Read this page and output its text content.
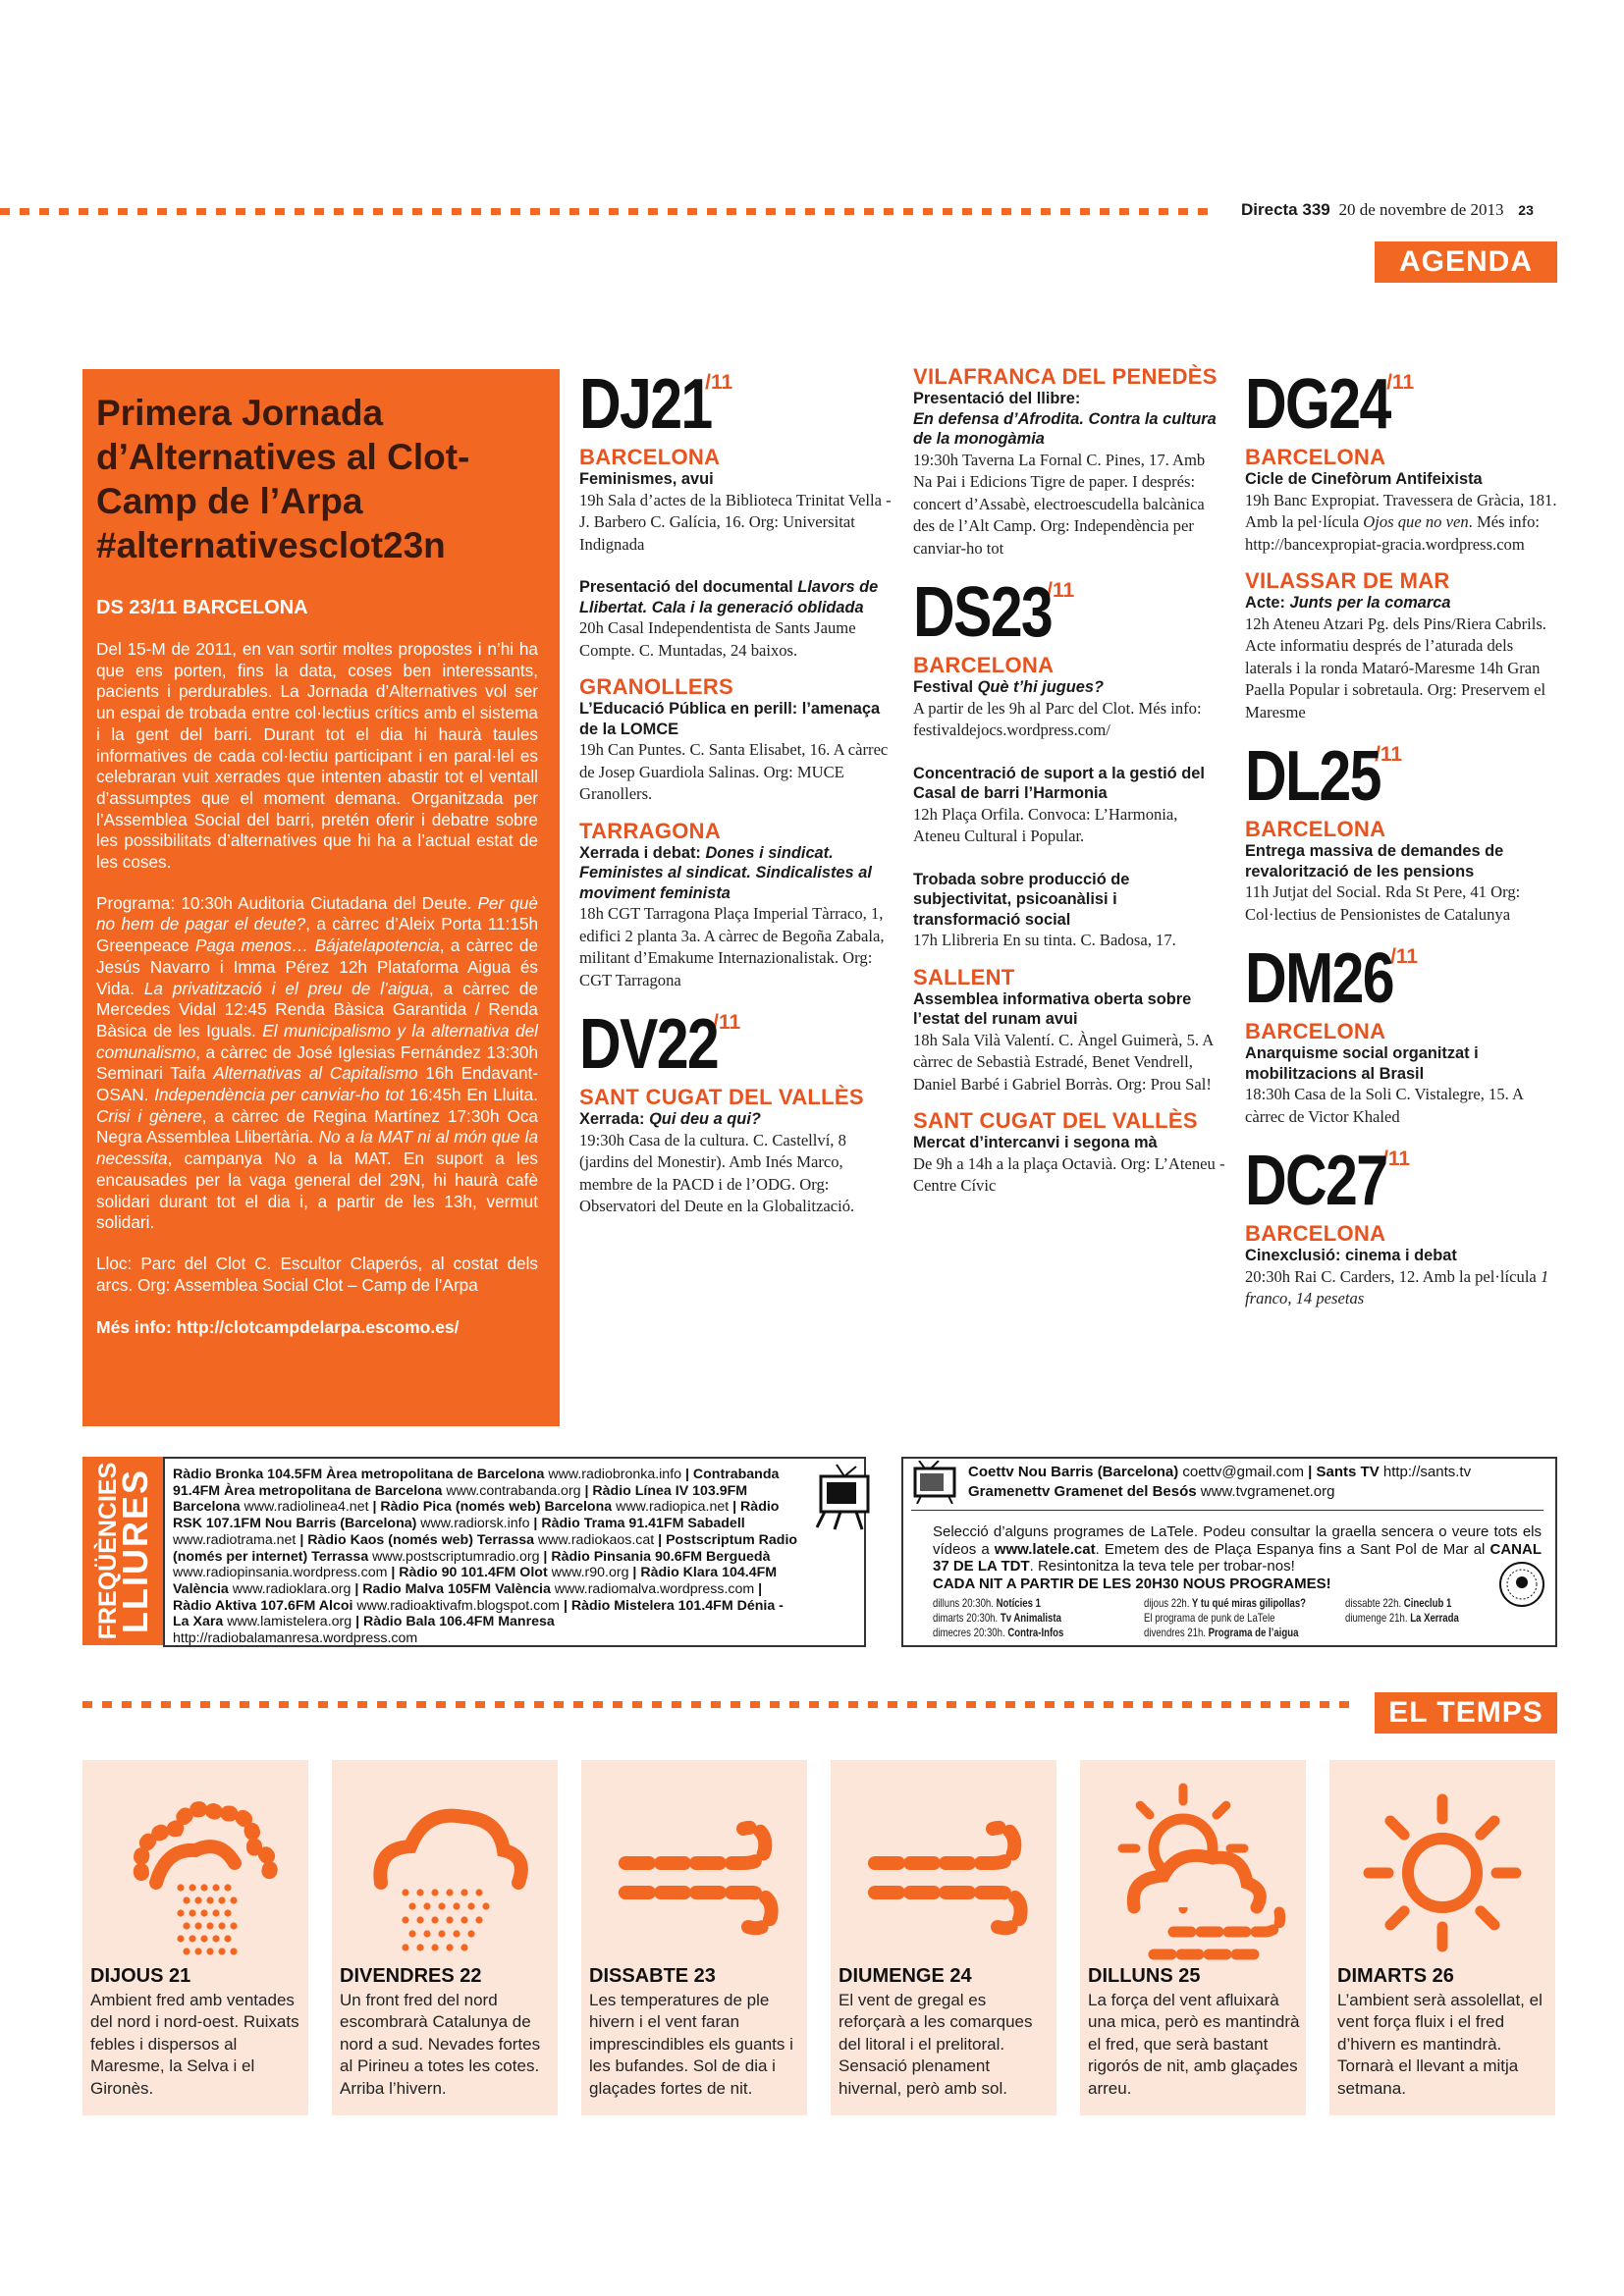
Directa 339 20 de novembre de 2013 23
AGENDA
Primera Jornada d’Alternatives al Clot-Camp de l’Arpa #alternativesclot23n
DS 23/11 BARCELONA

Del 15-M de 2011, en van sortir moltes propostes i n’hi ha que ens porten, fins la data, coses ben interessants, pacients i perdurables. La Jornada d’Alternatives vol ser un espai de trobada entre col·lectius crítics amb el sistema i la gent del barri. Durant tot el dia hi haurà taules informatives de cada col·lectiu participant i en paral·lel es celebraran vuit xerrades que intenten abastir tot el ventall d’assumptes que el moment demana. Organitzada per l’Assemblea Social del barri, pretén oferir i debatre sobre les possibilitats d’alternatives que hi ha a l’actual estat de les coses.

Programa: 10:30h Auditoria Ciutadana del Deute. Per què no hem de pagar el deute?, a càrrec d’Aleix Porta 11:15h Greenpeace Paga menos… Bájatelapotencia, a càrrec de Jesús Navarro i Imma Pérez 12h Plataforma Aigua és Vida. La privatització i el preu de l’aigua, a càrrec de Mercedes Vidal 12:45 Renda Bàsica Garantida / Renda Bàsica de les Iguals. El municipalismo y la alternativa del comunalismo, a càrrec de José Iglesias Fernández 13:30h Seminari Taifa Alternativas al Capitalismo 16h Endavant-OSAN. Independència per canviar-ho tot 16:45h En Lluita. Crisi i gènere, a càrrec de Regina Martínez 17:30h Oca Negra Assemblea Llibertària. No a la MAT ni al món que la necessita, campanya No a la MAT. En suport a les encausades per la vaga general del 29N, hi haurà cafè solidari durant tot el dia i, a partir de les 13h, vermut solidari.

Lloc: Parc del Clot C. Escultor Claperós, al costat dels arcs. Org: Assemblea Social Clot – Camp de l’Arpa

Més info: http://clotcampdelarpa.escomo.es/
DJ21
/11
BARCELONA
Feminismes, avui
19h Sala d’actes de la Biblioteca Trinitat Vella - J. Barbero C. Galícia, 16. Org: Universitat Indignada
Presentació del documental Llavors de Llibertat. Cala i la generació oblidada
20h Casal Independentista de Sants Jaume Compte. C. Muntadas, 24 baixos.
GRANOLLERS
L’Educació Pública en perill: l’amenaça de la LOMCE
19h Can Puntes. C. Santa Elisabet, 16. A càrrec de Josep Guardiola Salinas. Org: MUCE Granollers.
TARRAGONA
Xerrada i debat: Dones i sindicat. Feministes al sindicat. Sindicalistes al moviment feminista
18h CGT Tarragona Plaça Imperial Tàrraco, 1, edifici 2 planta 3a. A càrrec de Begoña Zabala, militant d’Emakume Internazionalistak. Org: CGT Tarragona
DV22
/11
SANT CUGAT DEL VALLÈS
Xerrada: Qui deu a qui?
19:30h Casa de la cultura. C. Castellví, 8 (jardins del Monestir). Amb Inés Marco, membre de la PACD i de l’ODG. Org: Observatori del Deute en la Globalització.
VILAFRANCA DEL PENEDÈS
Presentació del llibre:
En defensa d’Afrodita. Contra la cultura de la monogàmia
19:30h Taverna La Fornal C. Pines, 17. Amb Na Pai i Edicions Tigre de paper. I després: concert d’Assabè, electroescudella balcànica des de l’Alt Camp. Org: Independència per canviar-ho tot
DS23
/11
BARCELONA
Festival Què t’hi jugues?
A partir de les 9h al Parc del Clot. Més info: festivaldejocs.wordpress.com/
Concentració de suport a la gestió del Casal de barri l’Harmonia
12h Plaça Orfila. Convoca: L’Harmonia, Ateneu Cultural i Popular.
Trobada sobre producció de subjectivitat, psicoanàlisi i transformació social
17h Llibreria En su tinta. C. Badosa, 17.
SALLENT
Assemblea informativa oberta sobre l’estat del runam avui
18h Sala Vilà Valentí. C. Àngel Guimerà, 5. A càrrec de Sebastià Estradé, Benet Vendrell, Daniel Barbé i Gabriel Borràs. Org: Prou Sal!
SANT CUGAT DEL VALLÈS
Mercat d’intercanvi i segona mà
De 9h a 14h a la plaça Octavià. Org: L’Ateneu - Centre Cívic
DG24
/11
BARCELONA
Cicle de Cinefòrum Antifeixista
19h Banc Expropiat. Travessera de Gràcia, 181. Amb la pel·lícula Ojos que no ven. Més info: http://bancexpropiat-gracia.wordpress.com
VILASSAR DE MAR
Acte: Junts per la comarca
12h Ateneu Atzari Pg. dels Pins/Riera Cabrils. Acte informatiu després de l’aturada dels laterals i la ronda Mataró-Maresme 14h Gran Paella Popular i sobretaula. Org: Preservem el Maresme
DL25
/11
BARCELONA
Entrega massiva de demandes de revalorització de les pensions
11h Jutjat del Social. Rda St Pere, 41 Org: Col·lectius de Pensionistes de Catalunya
DM26
/11
BARCELONA
Anarquisme social organitzat i mobilitzacions al Brasil
18:30h Casa de la Soli C. Vistalegre, 15. A càrrec de Victor Khaled
DC27
/11
BARCELONA
Cinexclusió: cinema i debat
20:30h Rai C. Carders, 12. Amb la pel·lícula 1 franco, 14 pesetas
FREQÜÈNCIES
LLIURES Ràdio Bronka 104.5FM Àrea metropolitana de Barcelona www.radiobronka.info | Contrabanda 91.4FM Àrea metropolitana de Barcelona www.contrabanda.org | Ràdio Línea IV 103.9FM Barcelona www.radiolinea4.net | Ràdio Pica (només web) Barcelona www.radiopica.net | Ràdio RSK 107.1FM Nou Barris (Barcelona) www.radiorsk.info | Ràdio Trama 91.41FM Sabadell www.radiotrama.net | Ràdio Kaos (només web) Terrassa www.radiokaos.cat | Postscriptum Radio (només per internet) Terrassa www.postscriptumradio.org | Ràdio Pinsania 90.6FM Berguedà www.radiopinsania.wordpress.com | Ràdio 90 101.4FM Olot www.r90.org | Ràdio Klara 104.4FM València www.radioklara.org | Radio Malva 105FM València www.radiomalva.wordpress.com | Ràdio Aktiva 107.6FM Alcoi www.radioaktivafm.blogspot.com | Ràdio Mistelera 101.4FM Dénia - La Xara www.lamistelera.org | Ràdio Bala 106.4FM Manresa http://radiobalamanresa.wordpress.com
Coettv Nou Barris (Barcelona) coettv@gmail.com | Sants TV http://sants.tv
Gramenettv Gramenet del Besós www.tvgramenet.org
Selecció d’alguns programes de LaTele. Podeu consultar la graella sencera o veure tots els vídeos a www.latele.cat. Emetem des de Plaça Espanya fins a Sant Pol de Mar al CANAL 37 DE LA TDT. Resintonitza la teva tele per trobar-nos!
CADA NIT A PARTIR DE LES 20H30 NOUS PROGRAMES!
dilluns 20:30h. Notícies 1
dimarts 20:30h. Tv Animalista
dimecres 20:30h. Contra-Infos
dijous 22h. Y tu qué miras gilipollas?
El programa de punk de LaTele
divendres 21h. Programa de l’aigua
dissabte 22h. Cineclub 1
diumenge 21h. La Xerrada
EL TEMPS
DIJOUS 21
Ambient fred amb ventades del nord i nord-oest. Ruixats febles i dispersos al Maresme, la Selva i el Gironès.
DIVENDRES 22
Un front fred del nord escombrarà Catalunya de nord a sud. Nevades fortes al Pirineu a totes les cotes. Arriba l’hivern.
DISSABTE 23
Les temperatures de ple hivern i el vent faran imprescindibles els guants i les bufandes. Sol de dia i glaçades fortes de nit.
DIUMENGE 24
El vent de gregal es reforçarà a les comarques del litoral i el prelitoral. Sensació plenament hivernal, però amb sol.
DILLUNS 25
La força del vent afluixarà una mica, però es mantindrà el fred, que serà bastant rigorós de nit, amb glaçades arreu.
DIMARTS 26
L’ambient serà assolellat, el vent força fluix i el fred d’hivern es mantindrà. Tornarà el llevant a mitja setmana.
